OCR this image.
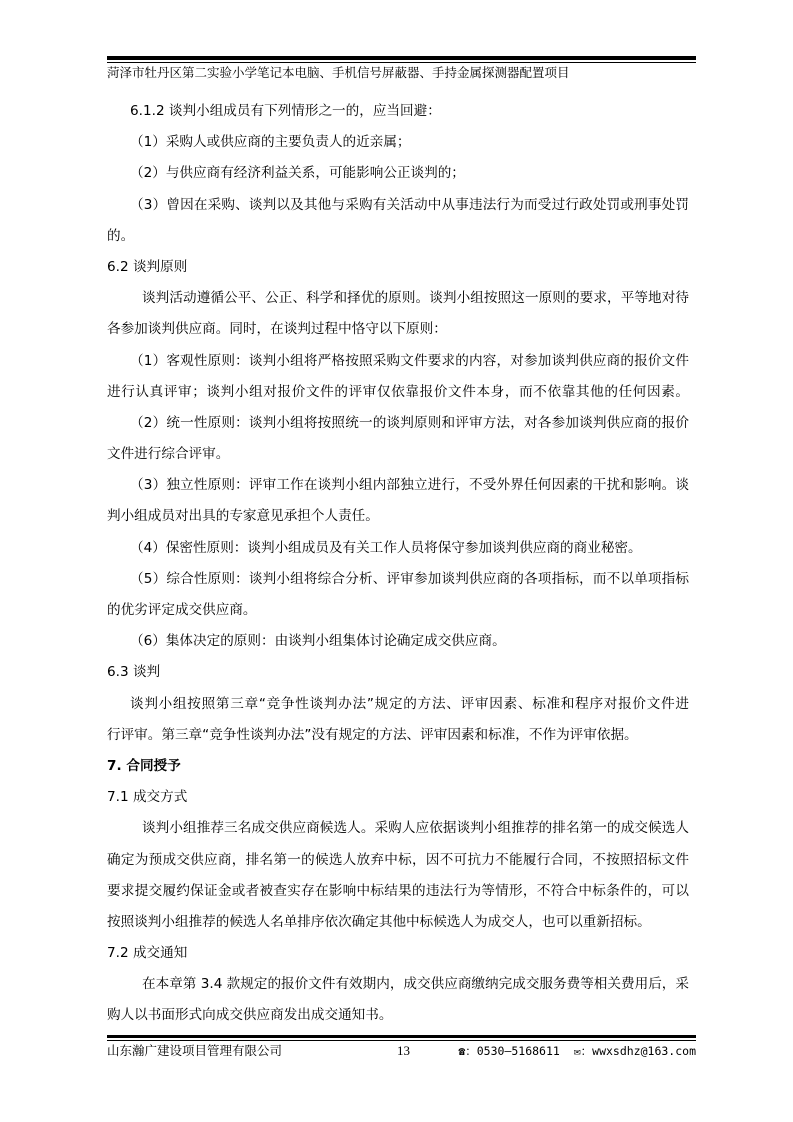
菏泽市牡丹区第二实验小学笔记本电脑、手机信号屏蔽器、手持金属探测器配置项目
6.1.2 谈判小组成员有下列情形之一的，应当回避：
（1）采购人或供应商的主要负责人的近亲属；
（2）与供应商有经济利益关系，可能影响公正谈判的；
（3）曾因在采购、谈判以及其他与采购有关活动中从事违法行为而受过行政处罚或刑事处罚
的。
6.2 谈判原则
谈判活动遵循公平、公正、科学和择优的原则。谈判小组按照这一原则的要求，平等地对待
各参加谈判供应商。同时，在谈判过程中恪守以下原则：
（1）客观性原则：谈判小组将严格按照采购文件要求的内容，对参加谈判供应商的报价文件
进行认真评审；谈判小组对报价文件的评审仅依靠报价文件本身，而不依靠其他的任何因素。
（2）统一性原则：谈判小组将按照统一的谈判原则和评审方法，对各参加谈判供应商的报价
文件进行综合评审。
（3）独立性原则：评审工作在谈判小组内部独立进行，不受外界任何因素的干扰和影响。谈
判小组成员对出具的专家意见承担个人责任。
（4）保密性原则：谈判小组成员及有关工作人员将保守参加谈判供应商的商业秘密。
（5）综合性原则：谈判小组将综合分析、评审参加谈判供应商的各项指标，而不以单项指标
的优劣评定成交供应商。
（6）集体决定的原则：由谈判小组集体讨论确定成交供应商。
6.3 谈判
谈判小组按照第三章“竞争性谈判办法”规定的方法、评审因素、标准和程序对报价文件进
行评审。第三章“竞争性谈判办法”没有规定的方法、评审因素和标准，不作为评审依据。
7. 合同授予
7.1 成交方式
谈判小组推荐三名成交供应商候选人。采购人应依据谈判小组推荐的排名第一的成交候选人
确定为预成交供应商，排名第一的候选人放弃中标，因不可抗力不能履行合同，不按照招标文件
要求提交履约保证金或者被查实存在影响中标结果的违法行为等情形，不符合中标条件的，可以
按照谈判小组推荐的候选人名单排序依次确定其他中标候选人为成交人，也可以重新招标。
7.2 成交通知
在本章第 3.4 款规定的报价文件有效期内，成交供应商缴纳完成交服务费等相关费用后，采
购人以书面形式向成交供应商发出成交通知书。
山东瀚广建设项目管理有限公司	13	☎：0530—5168611 ✉：wwxsdhz@163.com
